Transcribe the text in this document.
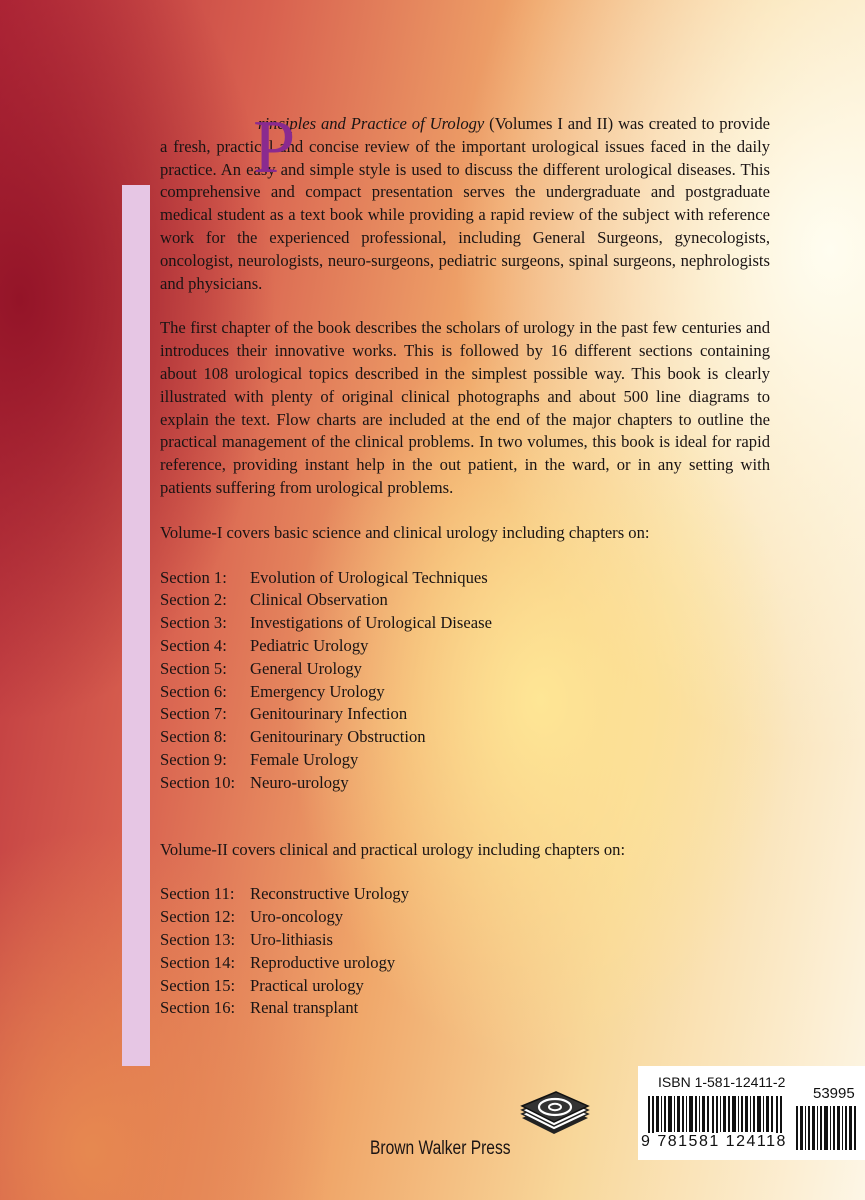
P

rinciples and Practice of Urology (Volumes I and II) was created to provide a fresh, practical and concise review of the important urological issues faced in the daily practice. An easy and simple style is used to discuss the different urological diseases. This comprehensive and compact presentation serves the undergraduate and postgraduate medical student as a text book while providing a rapid review of the subject with reference work for the experienced professional, including General Surgeons, gynecologists, oncologist, neurologists, neuro-surgeons, pediatric surgeons, spinal surgeons, nephrologists and physicians.

The first chapter of the book describes the scholars of urology in the past few centuries and introduces their innovative works. This is followed by 16 different sections containing about 108 urological topics described in the simplest possible way. This book is clearly illustrated with plenty of original clinical photographs and about 500 line diagrams to explain the text. Flow charts are included at the end of the major chapters to outline the practical management of the clinical problems. In two volumes, this book is ideal for rapid reference, providing instant help in the out patient, in the ward, or in any setting with patients suffering from urological problems.

Volume-I covers basic science and clinical urology including chapters on:

Section 1: Evolution of Urological Techniques
Section 2: Clinical Observation
Section 3: Investigations of Urological Disease
Section 4: Pediatric Urology
Section 5: General Urology
Section 6: Emergency Urology
Section 7: Genitourinary Infection
Section 8: Genitourinary Obstruction
Section 9: Female Urology
Section 10: Neuro-urology

Volume-II covers clinical and practical urology including chapters on:

Section 11: Reconstructive Urology
Section 12: Uro-oncology
Section 13: Uro-lithiasis
Section 14: Reproductive urology
Section 15: Practical urology
Section 16: Renal transplant
Brown Walker Press
ISBN 1-581-12411-2
9 781581 124118
53995
